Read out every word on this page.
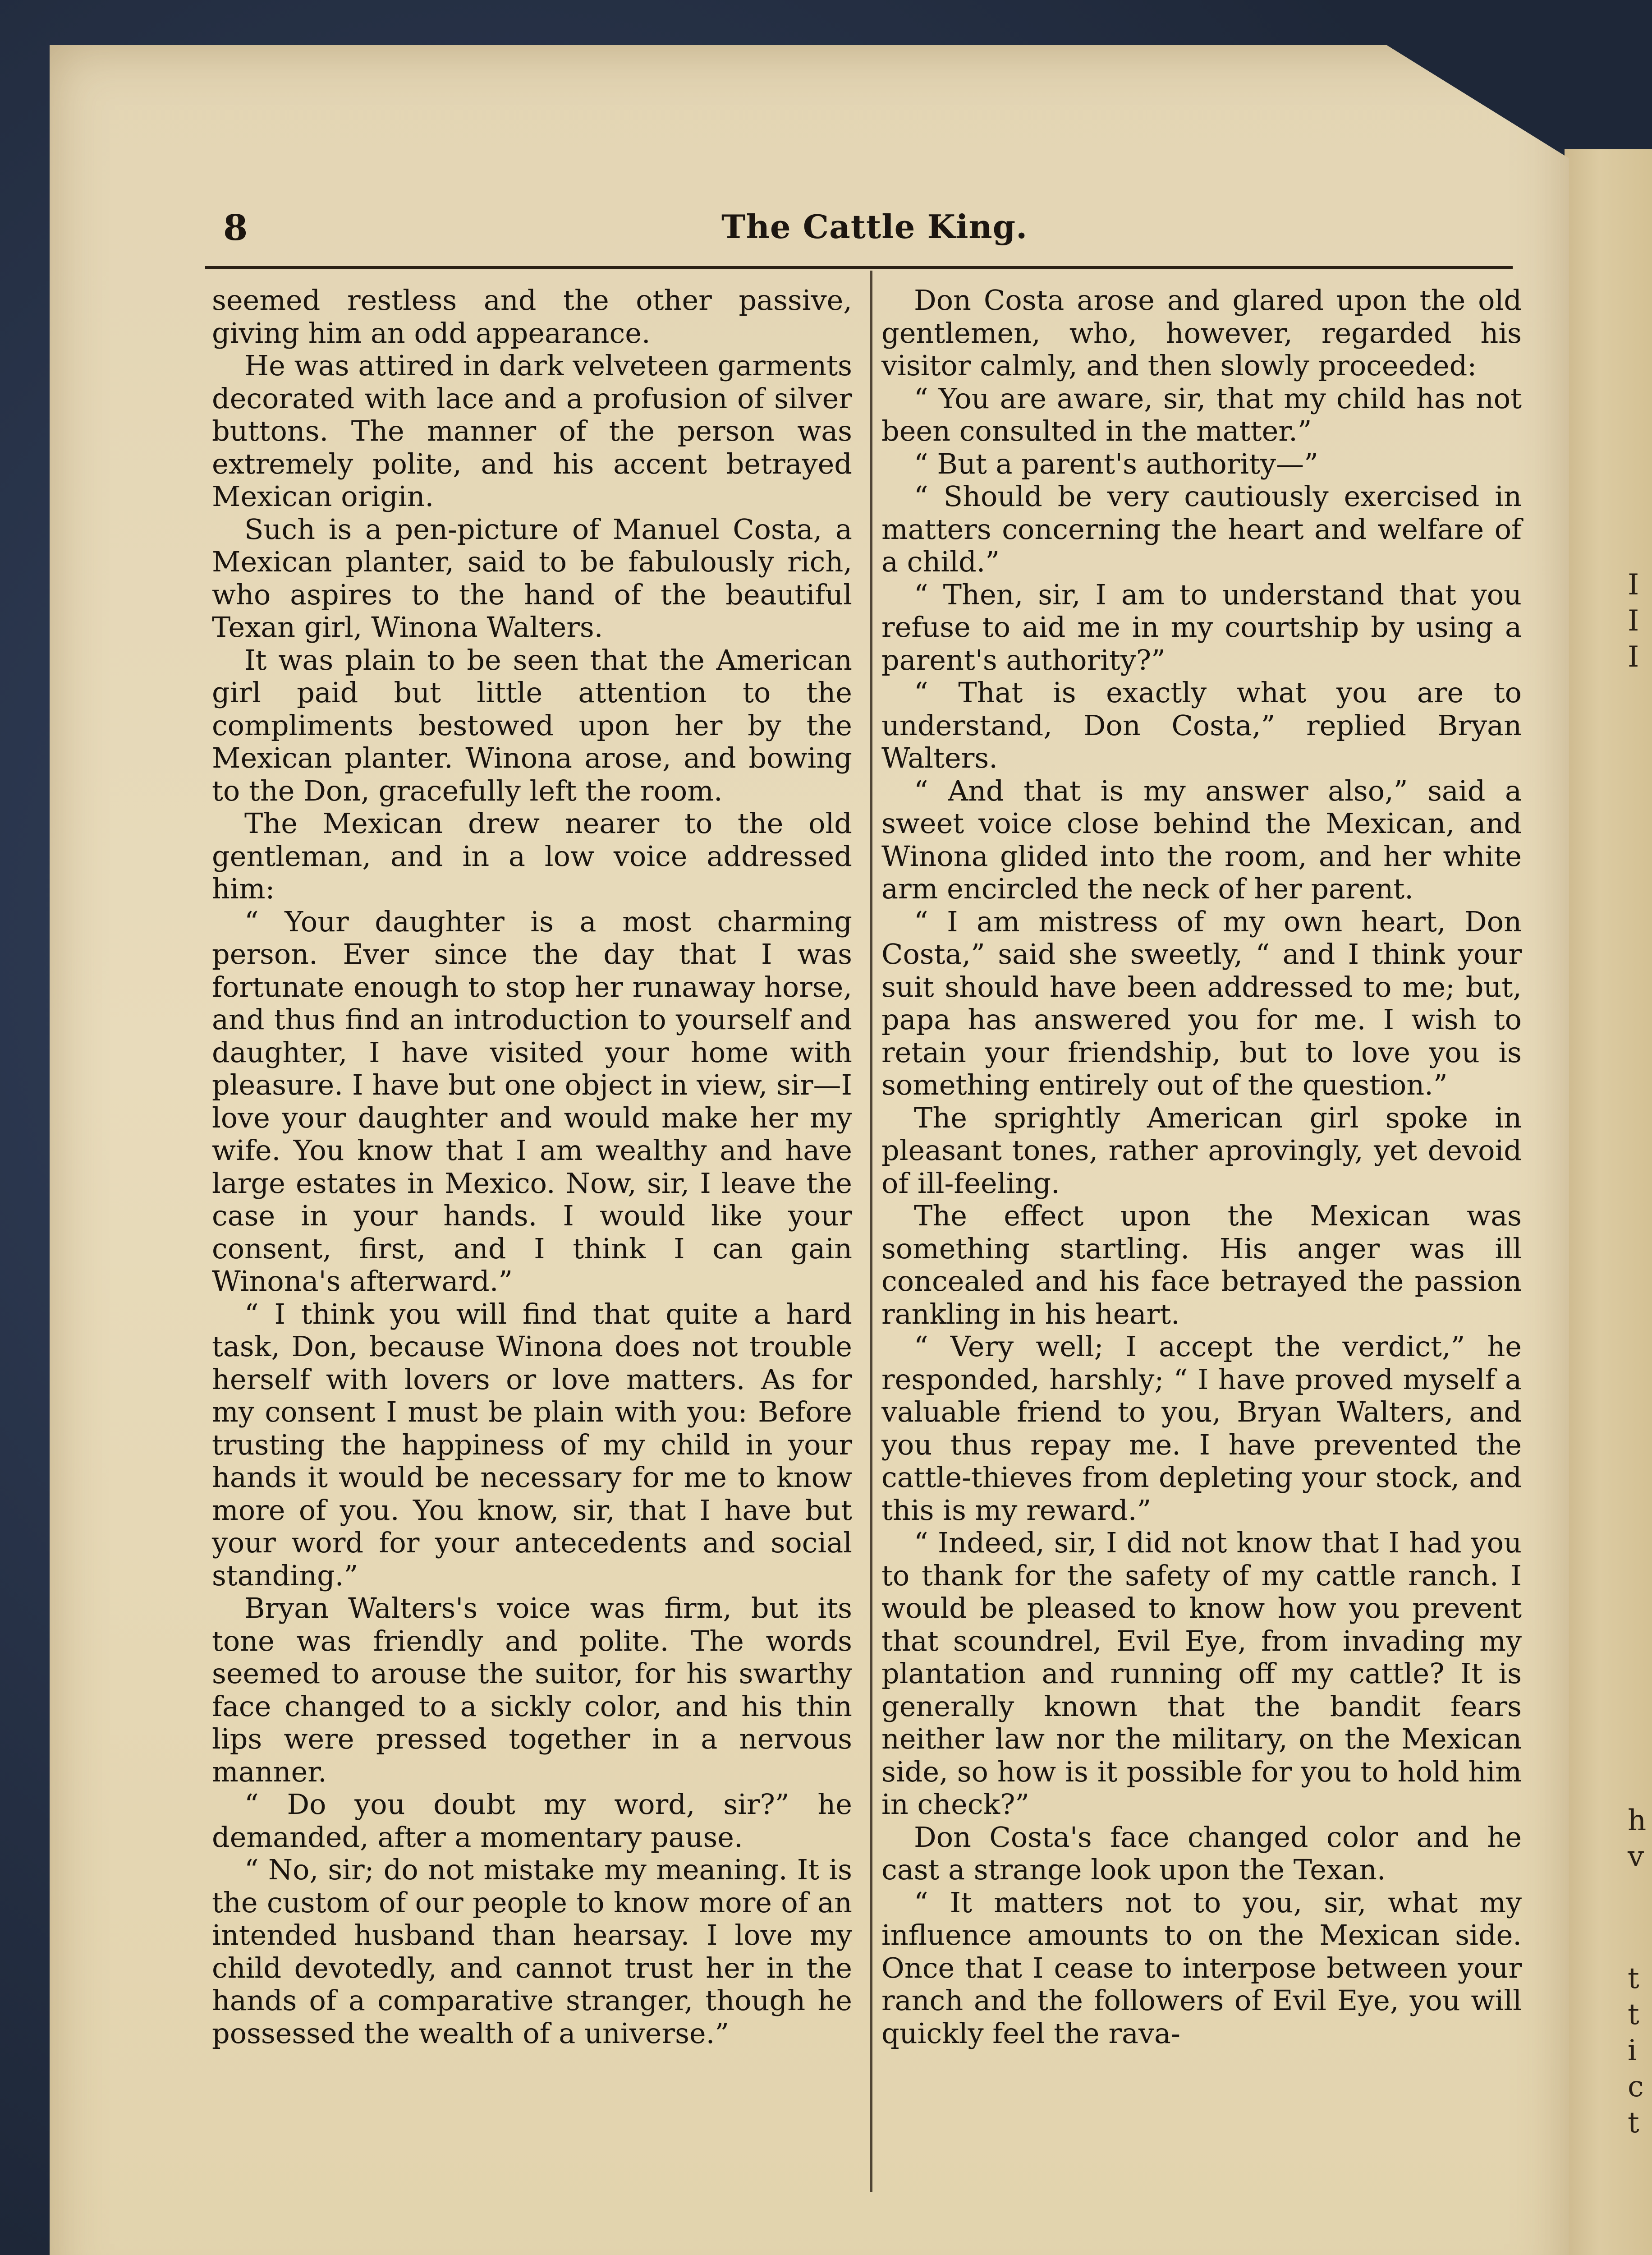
I
I
I
h
v
t
t
i
c
t
8	The Cattle King.

seemed restless and the other passive, giving him an odd appearance.

He was attired in dark velveteen garments decorated with lace and a profusion of silver buttons. The manner of the person was extremely polite, and his accent betrayed Mexican origin.

Such is a pen-picture of Manuel Costa, a Mexican planter, said to be fabulously rich, who aspires to the hand of the beautiful Texan girl, Winona Walters.

It was plain to be seen that the American girl paid but little attention to the compliments bestowed upon her by the Mexican planter. Winona arose, and bowing to the Don, gracefully left the room.

The Mexican drew nearer to the old gentleman, and in a low voice addressed him:

“ Your daughter is a most charming person. Ever since the day that I was fortunate enough to stop her runaway horse, and thus find an introduction to yourself and daughter, I have visited your home with pleasure. I have but one object in view, sir—I love your daughter and would make her my wife. You know that I am wealthy and have large estates in Mexico. Now, sir, I leave the case in your hands. I would like your consent, first, and I think I can gain Winona's afterward.”

“ I think you will find that quite a hard task, Don, because Winona does not trouble herself with lovers or love matters. As for my consent I must be plain with you: Before trusting the happiness of my child in your hands it would be necessary for me to know more of you. You know, sir, that I have but your word for your antecedents and social standing.”

Bryan Walters's voice was firm, but its tone was friendly and polite. The words seemed to arouse the suitor, for his swarthy face changed to a sickly color, and his thin lips were pressed together in a nervous manner.

“ Do you doubt my word, sir?” he demanded, after a momentary pause.

“ No, sir; do not mistake my meaning. It is the custom of our people to know more of an intended husband than hearsay. I love my child devotedly, and cannot trust her in the hands of a comparative stranger, though he possessed the wealth of a universe.”

Don Costa arose and glared upon the old gentlemen, who, however, regarded his visitor calmly, and then slowly proceeded:

“ You are aware, sir, that my child has not been consulted in the matter.”

“ But a parent's authority—”

“ Should be very cautiously exercised in matters concerning the heart and welfare of a child.”

“ Then, sir, I am to understand that you refuse to aid me in my courtship by using a parent's authority?”

“ That is exactly what you are to understand, Don Costa,” replied Bryan Walters.

“ And that is my answer also,” said a sweet voice close behind the Mexican, and Winona glided into the room, and her white arm encircled the neck of her parent.

“ I am mistress of my own heart, Don Costa,” said she sweetly, “ and I think your suit should have been addressed to me; but, papa has answered you for me. I wish to retain your friendship, but to love you is something entirely out of the question.”

The sprightly American girl spoke in pleasant tones, rather aprovingly, yet devoid of ill-feeling.

The effect upon the Mexican was something startling. His anger was ill concealed and his face betrayed the passion rankling in his heart.

“ Very well; I accept the verdict,” he responded, harshly; “ I have proved myself a valuable friend to you, Bryan Walters, and you thus repay me. I have prevented the cattle-thieves from depleting your stock, and this is my reward.”

“ Indeed, sir, I did not know that I had you to thank for the safety of my cattle ranch. I would be pleased to know how you prevent that scoundrel, Evil Eye, from invading my plantation and running off my cattle? It is generally known that the bandit fears neither law nor the military, on the Mexican side, so how is it possible for you to hold him in check?”

Don Costa's face changed color and he cast a strange look upon the Texan.

“ It matters not to you, sir, what my influence amounts to on the Mexican side. Once that I cease to interpose between your ranch and the followers of Evil Eye, you will quickly feel the rava-
